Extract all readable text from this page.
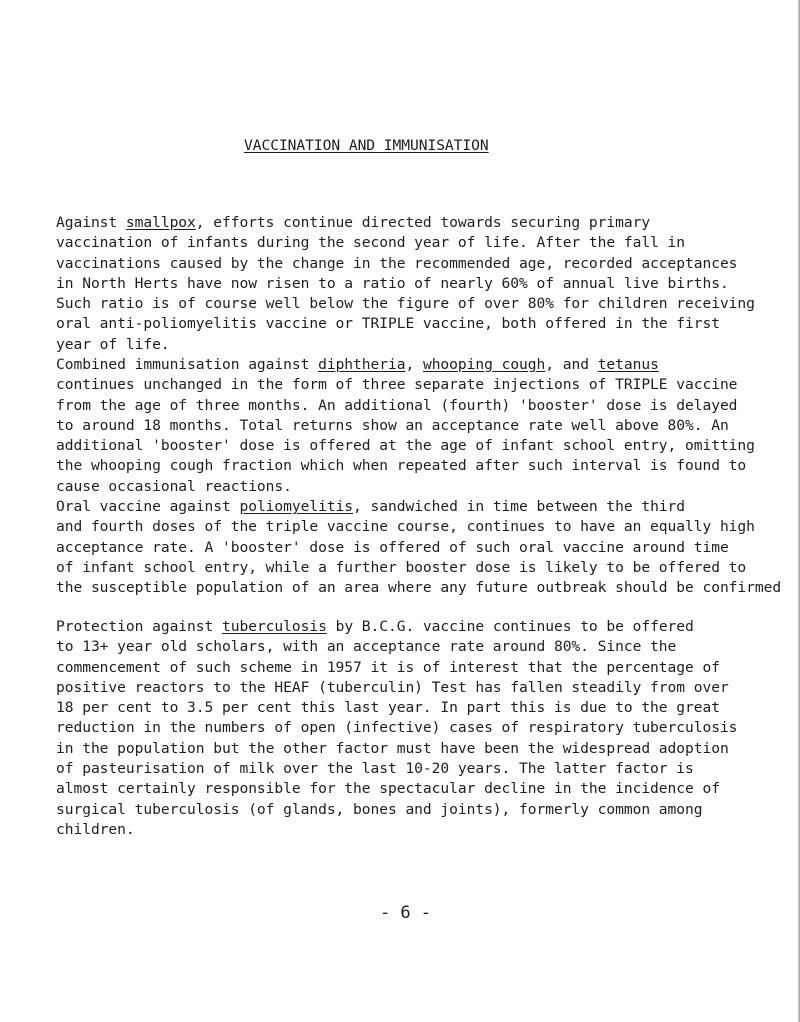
VACCINATION AND IMMUNISATION
Against smallpox, efforts continue directed towards securing primary
vaccination of infants during the second year of life. After the fall in
vaccinations caused by the change in the recommended age, recorded acceptances
in North Herts have now risen to a ratio of nearly 60% of annual live births.
Such ratio is of course well below the figure of over 80% for children receiving
oral anti-poliomyelitis vaccine or TRIPLE vaccine, both offered in the first
year of life.
Combined immunisation against diphtheria, whooping cough, and tetanus
continues unchanged in the form of three separate injections of TRIPLE vaccine
from the age of three months. An additional (fourth) 'booster' dose is delayed
to around 18 months. Total returns show an acceptance rate well above 80%. An
additional 'booster' dose is offered at the age of infant school entry, omitting
the whooping cough fraction which when repeated after such interval is found to
cause occasional reactions.
Oral vaccine against poliomyelitis, sandwiched in time between the third
and fourth doses of the triple vaccine course, continues to have an equally high
acceptance rate. A 'booster' dose is offered of such oral vaccine around time
of infant school entry, while a further booster dose is likely to be offered to
the susceptible population of an area where any future outbreak should be confirmed
Protection against tuberculosis by B.C.G. vaccine continues to be offered
to 13+ year old scholars, with an acceptance rate around 80%. Since the
commencement of such scheme in 1957 it is of interest that the percentage of
positive reactors to the HEAF (tuberculin) Test has fallen steadily from over
18 per cent to 3.5 per cent this last year. In part this is due to the great
reduction in the numbers of open (infective) cases of respiratory tuberculosis
in the population but the other factor must have been the widespread adoption
of pasteurisation of milk over the last 10-20 years. The latter factor is
almost certainly responsible for the spectacular decline in the incidence of
surgical tuberculosis (of glands, bones and joints), formerly common among
children.
- 6 -
